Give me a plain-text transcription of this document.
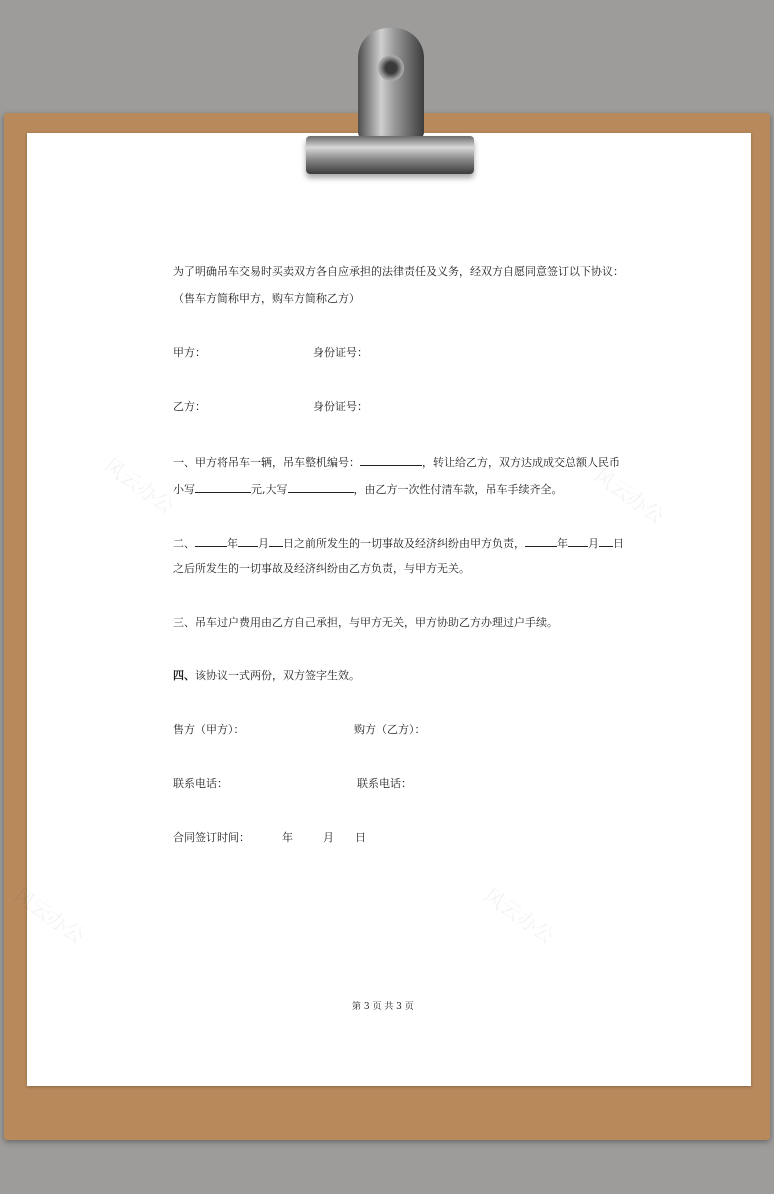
风云办公	风云办公
风云办公	风云办公
为了明确吊车交易时买卖双方各自应承担的法律责任及义务，经双方自愿同意签订以下协议：
（售车方简称甲方，购车方简称乙方）
甲方：	身份证号：
乙方：	身份证号：
一、甲方将吊车一辆，吊车整机编号：	，转让给乙方，双方达成成交总额人民币
小写	元,大写	，由乙方一次性付清车款，吊车手续齐全。
二、	年 月 日之前所发生的一切事故及经济纠纷由甲方负责，	年 月 日
之后所发生的一切事故及经济纠纷由乙方负责，与甲方无关。
三、吊车过户费用由乙方自己承担，与甲方无关，甲方协助乙方办理过户手续。
四、该协议一式两份，双方签字生效。
售方（甲方）：	购方（乙方）：
联系电话：	联系电话：
合同签订时间：	年	月 日
第 3 页 共 3 页
